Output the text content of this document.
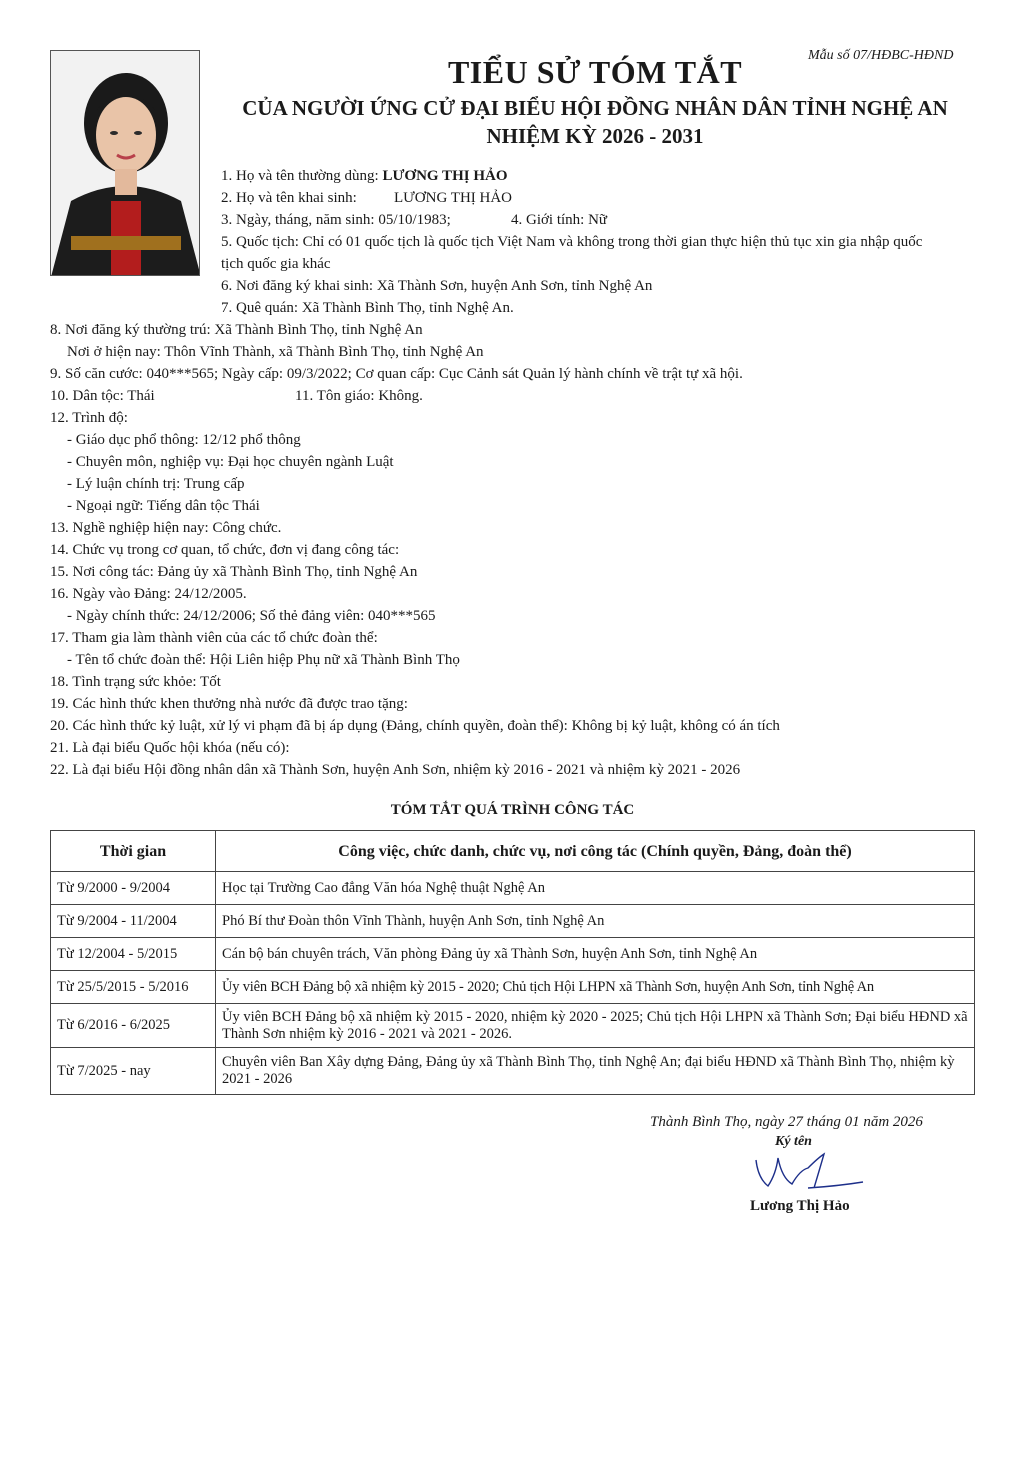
Mẫu số 07/HĐBC-HĐND
TIỂU SỬ TÓM TẮT
CỦA NGƯỜI ỨNG CỬ ĐẠI BIỂU HỘI ĐỒNG NHÂN DÂN TỈNH NGHỆ AN
NHIỆM KỲ 2026 - 2031
1. Họ và tên thường dùng: LƯƠNG THỊ HẢO
2. Họ và tên khai sinh: LƯƠNG THỊ HẢO
3. Ngày, tháng, năm sinh: 05/10/1983;	4. Giới tính: Nữ
5. Quốc tịch: Chỉ có 01 quốc tịch là quốc tịch Việt Nam và không trong thời gian thực hiện thủ tục xin gia nhập quốc
tịch quốc gia khác
6. Nơi đăng ký khai sinh: Xã Thành Sơn, huyện Anh Sơn, tỉnh Nghệ An
7. Quê quán: Xã Thành Bình Thọ, tỉnh Nghệ An.
8. Nơi đăng ký thường trú: Xã Thành Bình Thọ, tỉnh Nghệ An
Nơi ở hiện nay: Thôn Vĩnh Thành, xã Thành Bình Thọ, tỉnh Nghệ An
9. Số căn cước: 040***565; Ngày cấp: 09/3/2022; Cơ quan cấp: Cục Cảnh sát Quản lý hành chính về trật tự xã hội.
10. Dân tộc: Thái	11. Tôn giáo: Không.
12. Trình độ:
- Giáo dục phổ thông: 12/12 phổ thông
- Chuyên môn, nghiệp vụ: Đại học chuyên ngành Luật
- Lý luận chính trị: Trung cấp
- Ngoại ngữ: Tiếng dân tộc Thái
13. Nghề nghiệp hiện nay: Công chức.
14. Chức vụ trong cơ quan, tổ chức, đơn vị đang công tác:
15. Nơi công tác: Đảng ủy xã Thành Bình Thọ, tỉnh Nghệ An
16. Ngày vào Đảng: 24/12/2005.
- Ngày chính thức: 24/12/2006; Số thẻ đảng viên: 040***565
17. Tham gia làm thành viên của các tổ chức đoàn thể:
- Tên tổ chức đoàn thể: Hội Liên hiệp Phụ nữ xã Thành Bình Thọ
18. Tình trạng sức khỏe: Tốt
19. Các hình thức khen thưởng nhà nước đã được trao tặng:
20. Các hình thức kỷ luật, xử lý vi phạm đã bị áp dụng (Đảng, chính quyền, đoàn thể): Không bị kỷ luật, không có án tích
21. Là đại biểu Quốc hội khóa (nếu có):
22. Là đại biểu Hội đồng nhân dân xã Thành Sơn, huyện Anh Sơn, nhiệm kỳ 2016 - 2021 và nhiệm kỳ 2021 - 2026
TÓM TẮT QUÁ TRÌNH CÔNG TÁC
Thời gian	Công việc, chức danh, chức vụ, nơi công tác (Chính quyền, Đảng, đoàn thể)
Từ 9/2000 - 9/2004	Học tại Trường Cao đẳng Văn hóa Nghệ thuật Nghệ An
Từ 9/2004 - 11/2004	Phó Bí thư Đoàn thôn Vĩnh Thành, huyện Anh Sơn, tỉnh Nghệ An
Từ 12/2004 - 5/2015	Cán bộ bán chuyên trách, Văn phòng Đảng ủy xã Thành Sơn, huyện Anh Sơn, tỉnh Nghệ An
Từ 25/5/2015 - 5/2016	Ủy viên BCH Đảng bộ xã nhiệm kỳ 2015 - 2020; Chủ tịch Hội LHPN xã Thành Sơn, huyện Anh Sơn, tỉnh Nghệ An
Từ 6/2016 - 6/2025	Ủy viên BCH Đảng bộ xã nhiệm kỳ 2015 - 2020, nhiệm kỳ 2020 - 2025; Chủ tịch Hội LHPN xã Thành Sơn; Đại biểu HĐND xã Thành Sơn nhiệm kỳ 2016 - 2021 và 2021 - 2026.
Từ 7/2025 - nay	Chuyên viên Ban Xây dựng Đảng, Đảng ủy xã Thành Bình Thọ, tỉnh Nghệ An; đại biểu HĐND xã Thành Bình Thọ, nhiệm kỳ 2021 - 2026
Thành Bình Thọ, ngày 27 tháng 01 năm 2026
Ký tên
Lương Thị Hảo
